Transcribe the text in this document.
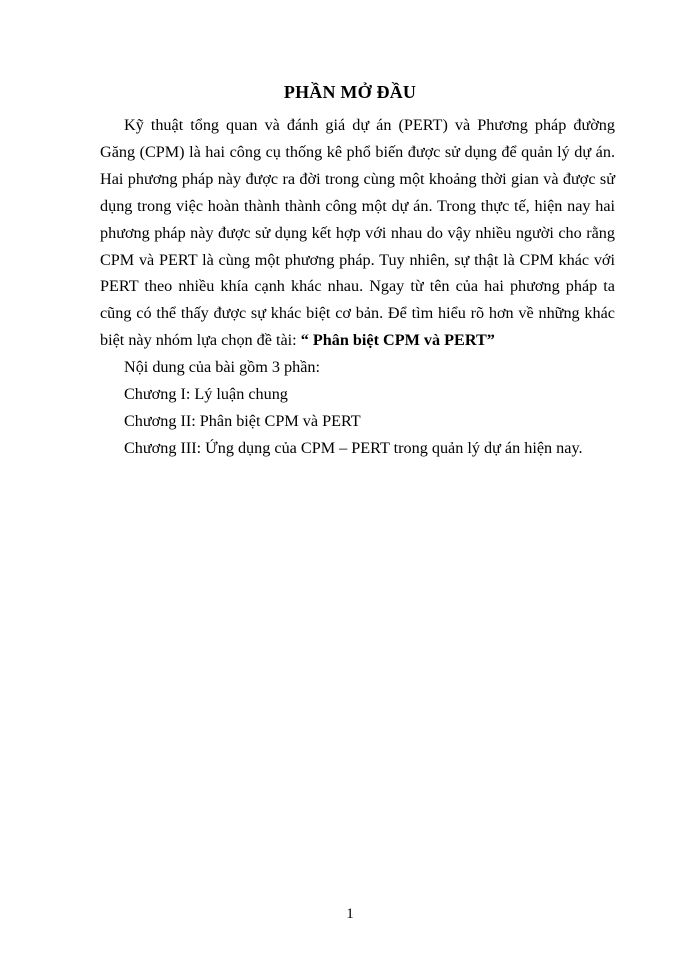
PHẦN MỞ ĐẦU

Kỹ thuật tổng quan và đánh giá dự án (PERT) và Phương pháp đường Găng (CPM) là hai công cụ thống kê phổ biến được sử dụng để quản lý dự án. Hai phương pháp này được ra đời trong cùng một khoảng thời gian và được sử dụng trong việc hoàn thành thành công một dự án. Trong thực tế, hiện nay hai phương pháp này được sử dụng kết hợp với nhau do vậy nhiều người cho rằng CPM và PERT là cùng một phương pháp. Tuy nhiên, sự thật là CPM khác với PERT theo nhiều khía cạnh khác nhau. Ngay từ tên của hai phương pháp ta cũng có thể thấy được sự khác biệt cơ bản. Để tìm hiểu rõ hơn về những khác biệt này nhóm lựa chọn đề tài: “ Phân biệt CPM và PERT”

Nội dung của bài gồm 3 phần:

Chương I: Lý luận chung

Chương II: Phân biệt CPM và PERT

Chương III: Ứng dụng của CPM – PERT trong quản lý dự án hiện nay.

1
